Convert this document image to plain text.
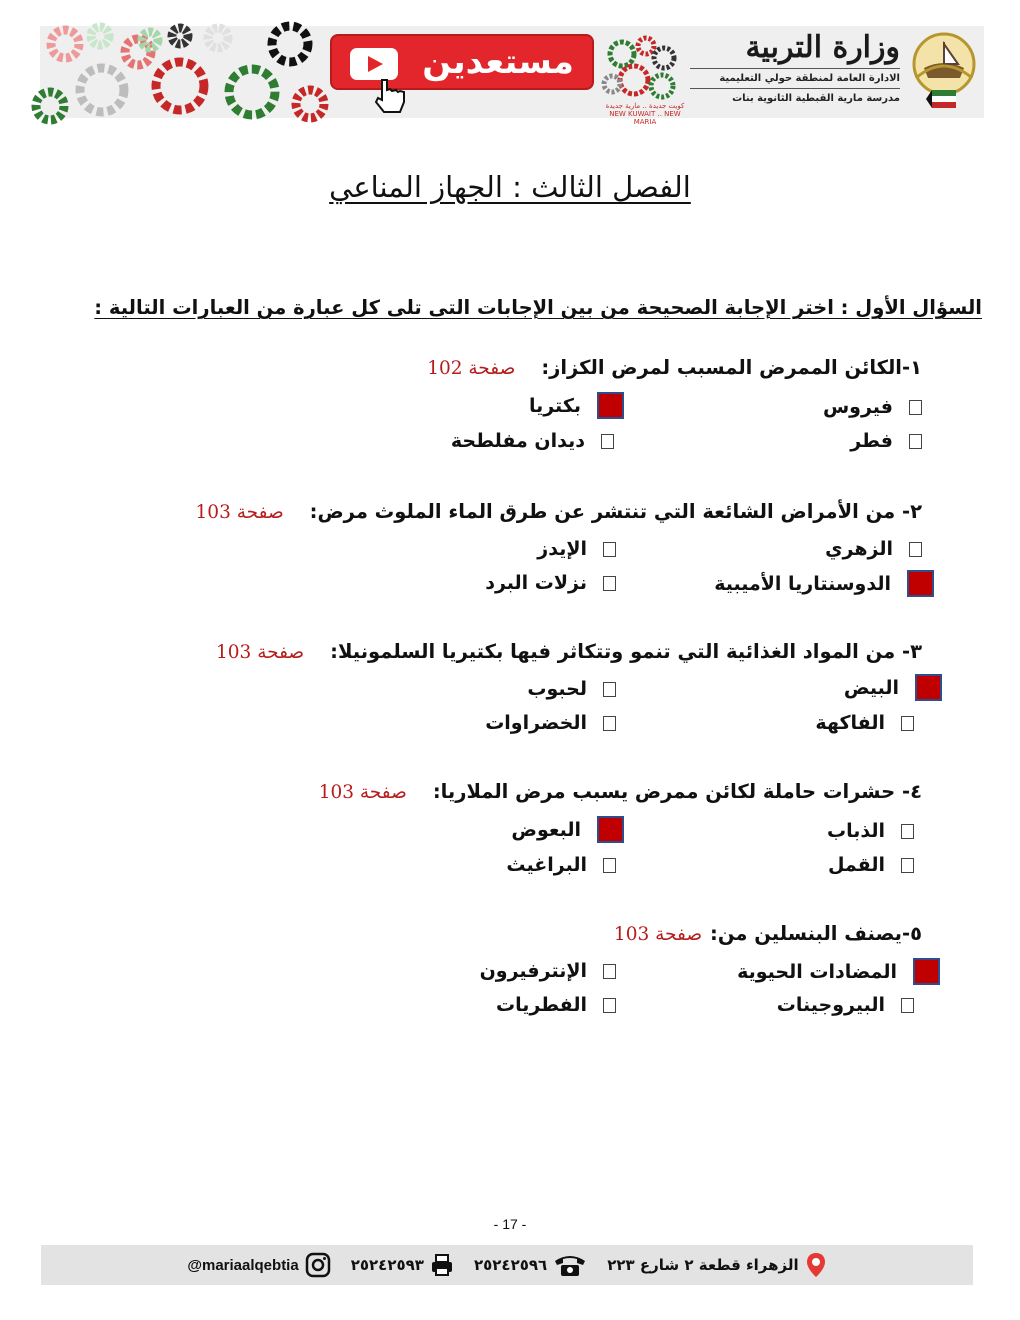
مستعدين
كويت جديدة .. مارية جديدة NEW KUWAIT .. NEW MARIA
وزارة التربية
الادارة العامة لمنطقة حولي التعليمية
مدرسة مارية القبطية الثانوية بنات
الفصل الثالث : الجهاز المناعي
السؤال الأول : اختر الإجابة الصحيحة من بين الإجابات التى تلى كل عبارة من العبارات التالية :
١-الكائن الممرض المسبب لمرض الكزاز:صفحة 102
فيروس
بكتريا
فطر
ديدان مفلطحة
٢- من الأمراض الشائعة التي تنتشر عن طرق الماء الملوث مرض:صفحة 103
الزهري
الإيدز
الدوسنتاريا الأميبية
نزلات البرد
٣- من المواد الغذائية التي تنمو وتتكاثر فيها بكتيريا السلمونيلا:صفحة 103
البيض
لحبوب
الفاكهة
الخضراوات
٤- حشرات حاملة لكائن ممرض يسبب مرض الملاريا:صفحة 103
الذباب
البعوض
القمل
البراغيث
٥-يصنف البنسلين من:صفحة 103
المضادات الحيوية
الإنترفيرون
البيروجينات
الفطريات
- 17 -
الزهراء قطعة ٢ شارع ٢٢٣
٢٥٢٤٢٥٩٦
٢٥٢٤٢٥٩٣
@mariaalqebtia
